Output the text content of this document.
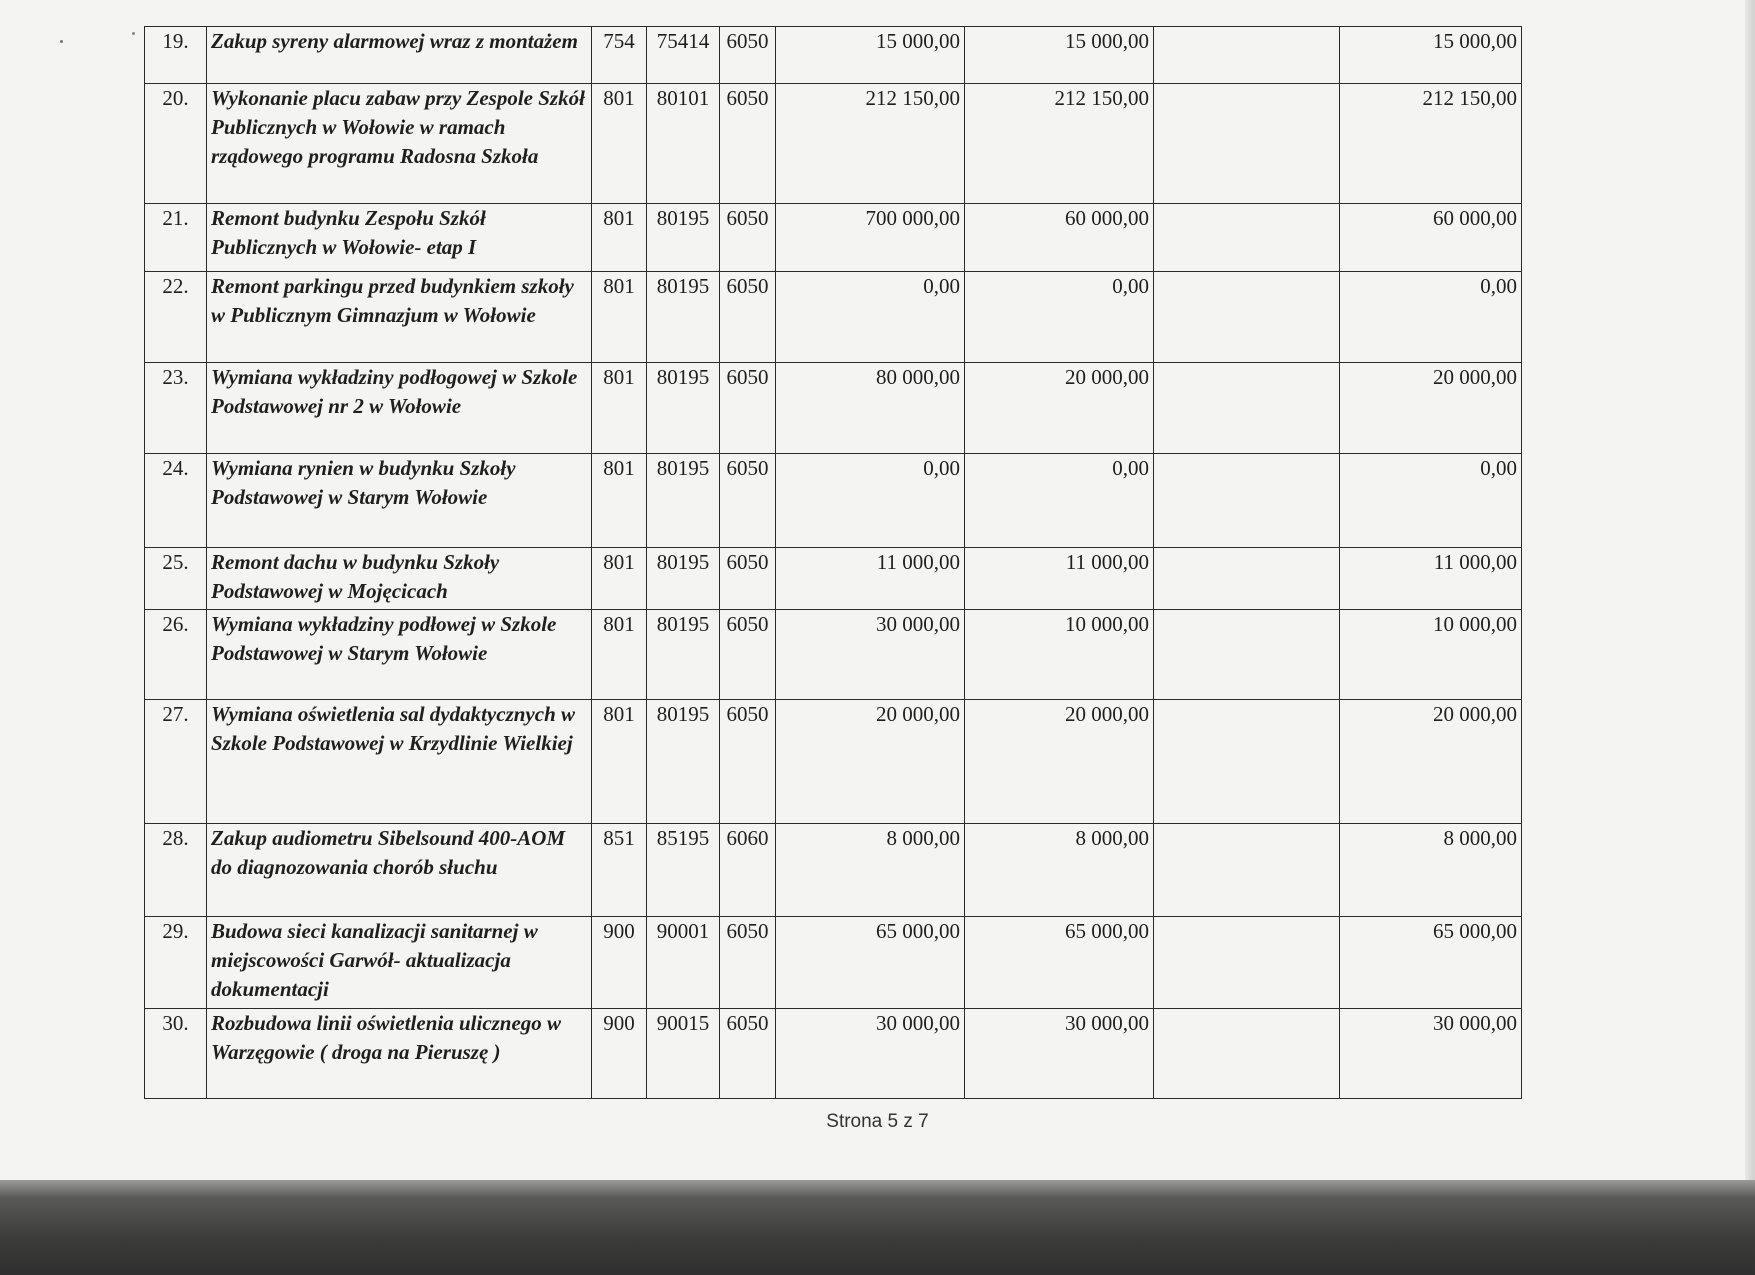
19.	Zakup syreny alarmowej wraz z montażem	754	75414	6050	15 000,00	15 000,00		15 000,00
20.	Wykonanie placu zabaw przy Zespole Szkół Publicznych w Wołowie w ramach rządowego programu Radosna Szkoła	801	80101	6050	212 150,00	212 150,00		212 150,00
21.	Remont budynku Zespołu Szkół Publicznych w Wołowie- etap I	801	80195	6050	700 000,00	60 000,00		60 000,00
22.	Remont parkingu przed budynkiem szkoły w Publicznym Gimnazjum w Wołowie	801	80195	6050	0,00	0,00		0,00
23.	Wymiana wykładziny podłogowej w Szkole Podstawowej nr 2 w Wołowie	801	80195	6050	80 000,00	20 000,00		20 000,00
24.	Wymiana rynien w budynku Szkoły Podstawowej w Starym Wołowie	801	80195	6050	0,00	0,00		0,00
25.	Remont dachu w budynku Szkoły Podstawowej w Mojęcicach	801	80195	6050	11 000,00	11 000,00		11 000,00
26.	Wymiana wykładziny podłowej w Szkole Podstawowej w Starym Wołowie	801	80195	6050	30 000,00	10 000,00		10 000,00
27.	Wymiana oświetlenia sal dydaktycznych w Szkole Podstawowej w Krzydlinie Wielkiej	801	80195	6050	20 000,00	20 000,00		20 000,00
28.	Zakup audiometru Sibelsound 400-AOM do diagnozowania chorób słuchu	851	85195	6060	8 000,00	8 000,00		8 000,00
29.	Budowa sieci kanalizacji sanitarnej w miejscowości Garwół- aktualizacja dokumentacji	900	90001	6050	65 000,00	65 000,00		65 000,00
30.	Rozbudowa linii oświetlenia ulicznego w Warzęgowie ( droga na Pieruszę )	900	90015	6050	30 000,00	30 000,00		30 000,00
Strona 5 z 7
